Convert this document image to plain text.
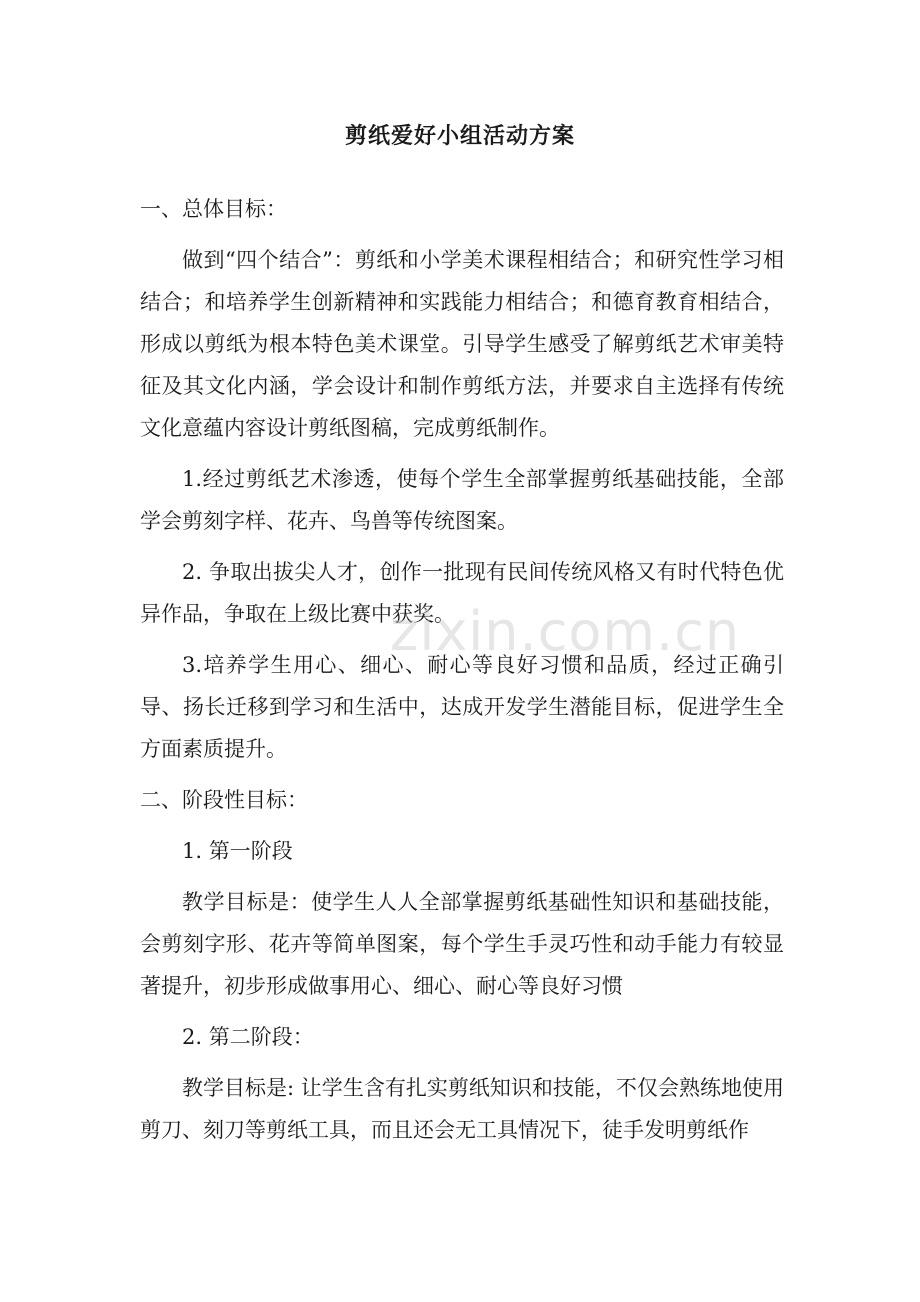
剪纸爱好小组活动方案

一、总体目标：

做到“四个结合”：剪纸和小学美术课程相结合；和研究性学习相结合；和培养学生创新精神和实践能力相结合；和德育教育相结合，形成以剪纸为根本特色美术课堂。引导学生感受了解剪纸艺术审美特征及其文化内涵，学会设计和制作剪纸方法，并要求自主选择有传统文化意蕴内容设计剪纸图稿，完成剪纸制作。

1.经过剪纸艺术渗透，使每个学生全部掌握剪纸基础技能，全部学会剪刻字样、花卉、鸟兽等传统图案。

2. 争取出拔尖人才，创作一批现有民间传统风格又有时代特色优异作品，争取在上级比赛中获奖。

3.培养学生用心、细心、耐心等良好习惯和品质，经过正确引导、扬长迁移到学习和生活中，达成开发学生潜能目标，促进学生全方面素质提升。

二、阶段性目标：

1. 第一阶段

教学目标是：使学生人人全部掌握剪纸基础性知识和基础技能，会剪刻字形、花卉等简单图案，每个学生手灵巧性和动手能力有较显著提升，初步形成做事用心、细心、耐心等良好习惯

2. 第二阶段：

教学目标是: 让学生含有扎实剪纸知识和技能，不仅会熟练地使用剪刀、刻刀等剪纸工具，而且还会无工具情况下，徒手发明剪纸作

zixin.com.cn
